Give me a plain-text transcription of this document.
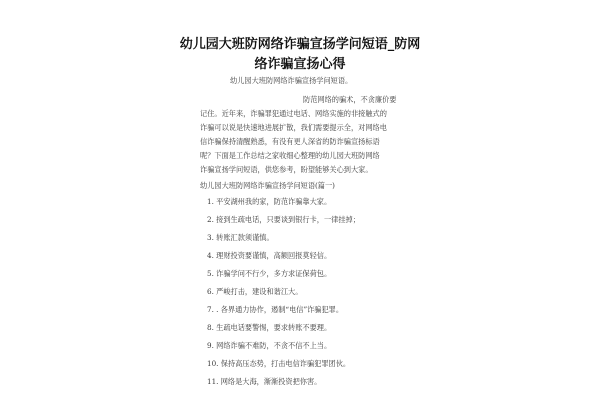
幼儿园大班防网络诈骗宣扬学问短语_防网
络诈骗宣扬心得
幼儿园大班防网络诈骗宣扬学问短语。
防范网络的骗术，不贪廉价要
记住。近年来，诈骗罪犯通过电话、网络实施的非接触式的
诈骗可以说是快速地进展扩散，我们需要提示全，对网络电
信诈骗保持清醒熟悉，有没有更人深省的防诈骗宣扬标语
呢？下面是工作总结之家收细心整理的幼儿园大班防网络
诈骗宣扬学问短语，供您参考，盼望能够关心到大家。
幼儿园大班防网络诈骗宣扬学问短语(篇一)
1. 平安湖州我的家，防范诈骗靠大家。
2. 接到生疏电话，只要谈到银行卡，一律挂掉；
3. 转账汇款须谨慎。
4. 理财投资要谨慎，高额回报莫轻信。
5. 诈骗学问不行少，多方求证保荷包。
6. 严峻打击，建设和谐江大。
7. . 各界通力协作，遏制“电信”诈骗犯罪。
8. 生疏电话要警惕，要求转账不要理。
9. 网络诈骗不难防，不贪不信不上当。
10. 保持高压态势，打击电信诈骗犯罪团伙。
11. 网络是大海，渐渐投资把你害。
